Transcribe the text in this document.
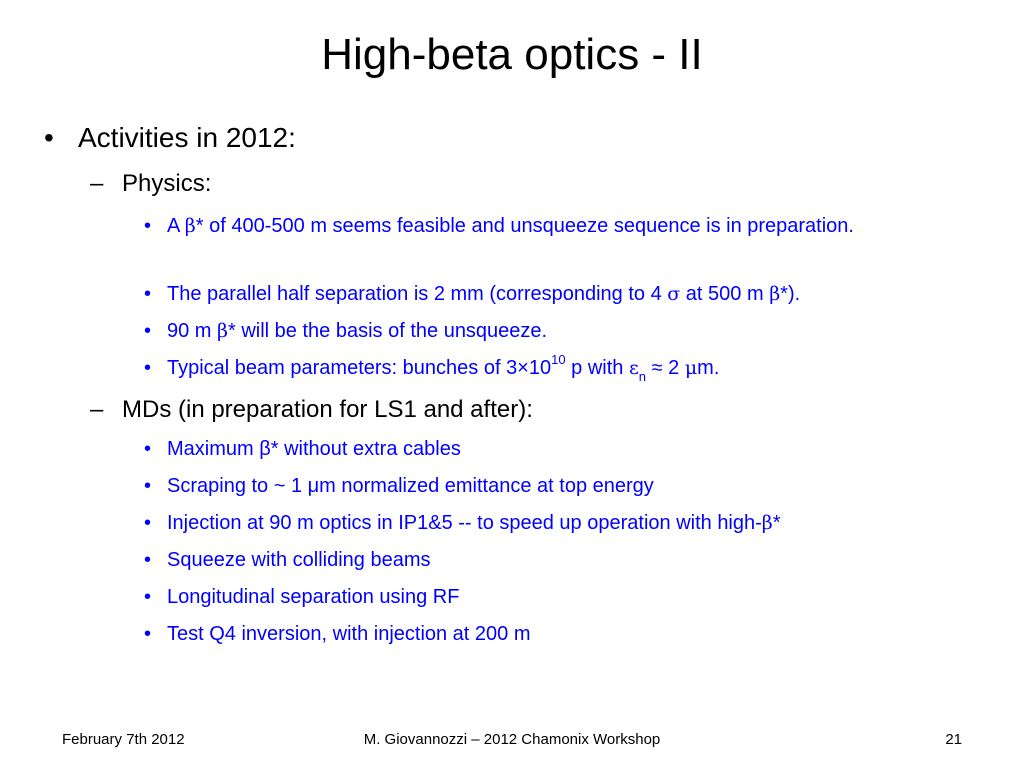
High-beta optics - II
• Activities in 2012:
– Physics:
• A β* of 400-500 m seems feasible and unsqueeze sequence is in preparation.
• The parallel half separation is 2 mm (corresponding to 4 σ at 500 m β*).
• 90 m β* will be the basis of the unsqueeze.
• Typical beam parameters: bunches of $3\times 10^{10}$ p with $\varepsilon_n \approx 2$ μm.
– MDs (in preparation for LS1 and after):
• Maximum β* without extra cables
• Scraping to ~ 1 μm normalized emittance at top energy
• Injection at 90 m optics in IP1&5 -- to speed up operation with high-β*
• Squeeze with colliding beams
• Longitudinal separation using RF
• Test Q4 inversion, with injection at 200 m
M. Giovannozzi – 2012 Chamonix Workshop
February 7th 2012	21
